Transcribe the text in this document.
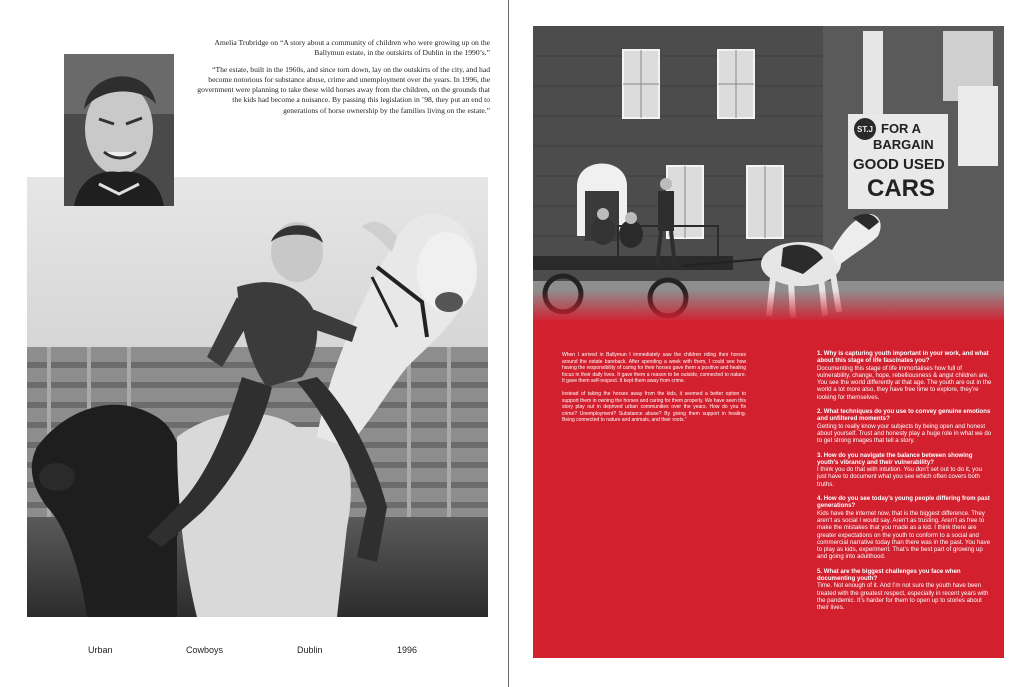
Amelia Trubridge on “A story about a community of children who were growing up on the Ballymun estate, in the outskirts of Dublin in the 1990’s.”

“The estate, built in the 1960s, and since torn down, lay on the outskirts of the city, and had become notorious for substance abuse, crime and unemployment over the years. In 1996, the government were planning to take these wild horses away from the children, on the grounds that the kids had become a nuisance. By passing this legislation in ’98, they put an end to generations of horse ownership by the families living on the estate.”

Urban	Cowboys	Dublin	1996
ST.J FOR A
BARGAIN
GOOD USED
CARS

When I arrived in Ballymun I immediately saw the children riding their horses around the estate bareback. After spending a week with them, I could see how having the responsibility of caring for their horses gave them a positive and healing focus in their daily lives. It gave them a reason to be outside, connected to nature. It gave them self-respect. It kept them away from crime.

Instead of taking the horses away from the kids, it seemed a better option to support them in owning the horses and caring for them properly. We have seen this story play out in deprived urban communities over the years. How do you fix crime? Unemployment? Substance abuse? By giving them support in healing. Being connected to nature and animals, and their roots.”

1. Why is capturing youth important in your work, and what about this stage of life fascinates you?
Documenting this stage of life immortalises how full of vulnerability, change, hope, rebelliousness & angst children are. You see the world differently at that age. The youth are out in the world a lot more also, they have free time to explore, they’re looking for themselves.
2. What techniques do you use to convey genuine emotions and unfiltered moments?
Getting to really know your subjects by being open and honest about yourself. Trust and honesty play a huge role in what we do to get strong images that tell a story.
3. How do you navigate the balance between showing youth’s vibrancy and their vulnerability?
I think you do that with intuition. You don’t set out to do it, you just have to document what you see which often covers both truths.
4. How do you see today’s young people differing from past generations?
Kids have the internet now, that is the biggest difference. They aren’t as social I would say. Aren’t as trusting. Aren’t as free to make the mistakes that you made as a kid. I think there are greater expectations on the youth to conform to a social and commercial narrative today than there was in the past. You have to play as kids, experiment. That’s the best part of growing up and going into adulthood.
5. What are the biggest challenges you face when documenting youth?
Time. Not enough of it. And I’m not sure the youth have been treated with the greatest respect, especially in recent years with the pandemic. It’s harder for them to open up to stories about their lives.
